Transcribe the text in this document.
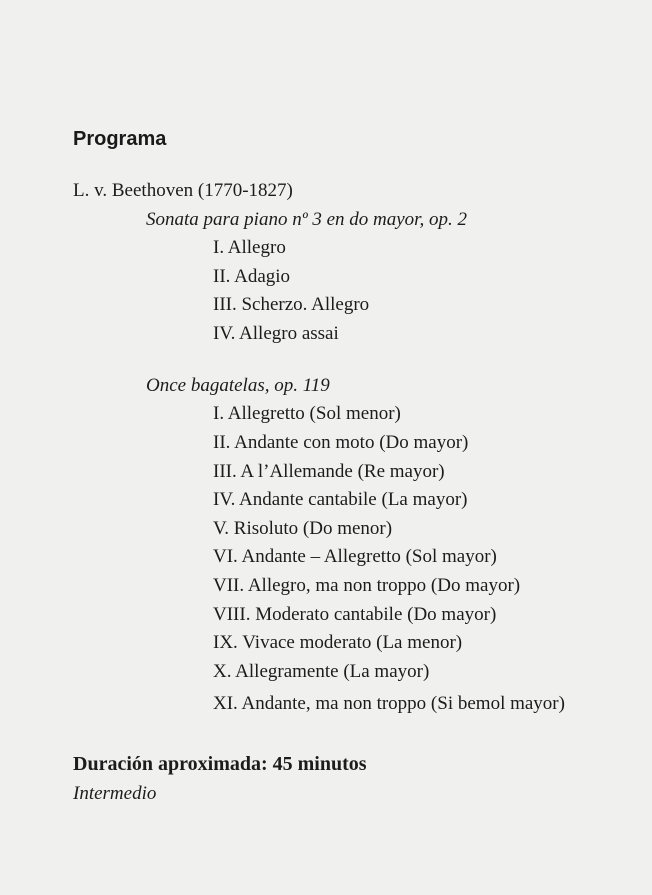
Programa

L. v. Beethoven (1770-1827)

Sonata para piano nº 3 en do mayor, op. 2

I. Allegro

II. Adagio

III. Scherzo. Allegro

IV. Allegro assai

Once bagatelas, op. 119

I. Allegretto (Sol menor)

II. Andante con moto (Do mayor)

III. A l’Allemande (Re mayor)

IV. Andante cantabile (La mayor)

V. Risoluto (Do menor)

VI. Andante – Allegretto (Sol mayor)

VII. Allegro, ma non troppo (Do mayor)

VIII. Moderato cantabile (Do mayor)

IX. Vivace moderato (La menor)

X. Allegramente (La mayor)

XI. Andante, ma non troppo (Si bemol mayor)

Duración aproximada: 45 minutos

Intermedio
